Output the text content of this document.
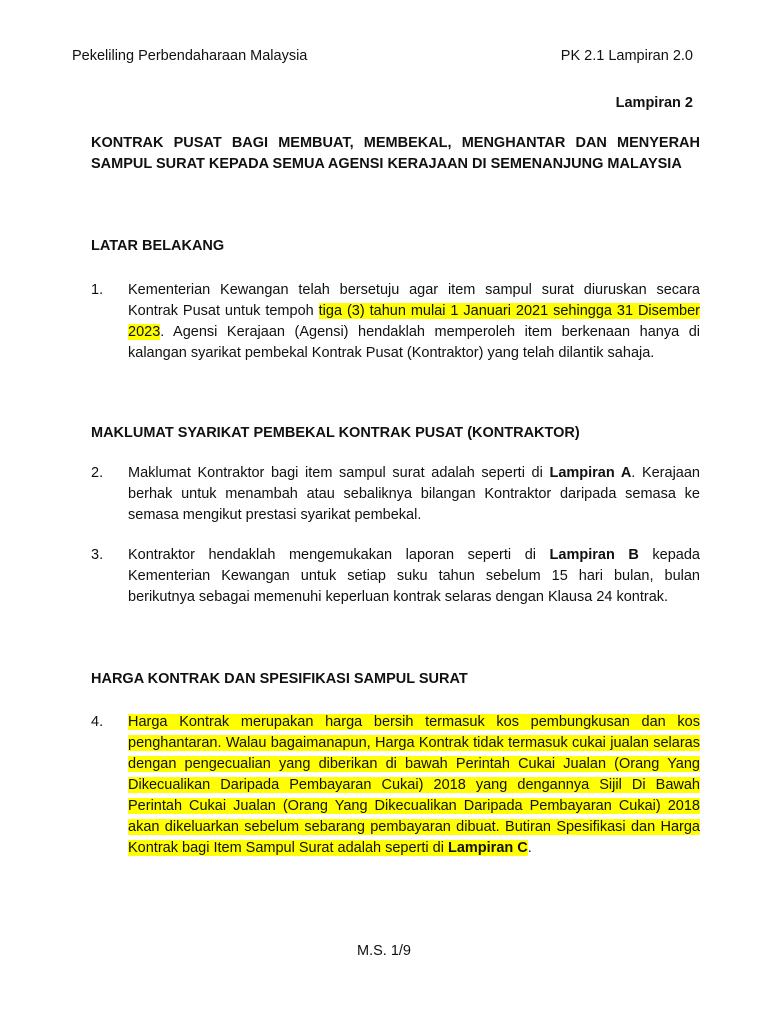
Pekeliling Perbendaharaan Malaysia	PK 2.1 Lampiran 2.0
Lampiran 2
KONTRAK PUSAT BAGI MEMBUAT, MEMBEKAL, MENGHANTAR DAN MENYERAH SAMPUL SURAT KEPADA SEMUA AGENSI KERAJAAN DI SEMENANJUNG MALAYSIA
LATAR BELAKANG
1. Kementerian Kewangan telah bersetuju agar item sampul surat diuruskan secara Kontrak Pusat untuk tempoh tiga (3) tahun mulai 1 Januari 2021 sehingga 31 Disember 2023. Agensi Kerajaan (Agensi) hendaklah memperoleh item berkenaan hanya di kalangan syarikat pembekal Kontrak Pusat (Kontraktor) yang telah dilantik sahaja.
MAKLUMAT SYARIKAT PEMBEKAL KONTRAK PUSAT (KONTRAKTOR)
2. Maklumat Kontraktor bagi item sampul surat adalah seperti di Lampiran A. Kerajaan berhak untuk menambah atau sebaliknya bilangan Kontraktor daripada semasa ke semasa mengikut prestasi syarikat pembekal.
3. Kontraktor hendaklah mengemukakan laporan seperti di Lampiran B kepada Kementerian Kewangan untuk setiap suku tahun sebelum 15 hari bulan, bulan berikutnya sebagai memenuhi keperluan kontrak selaras dengan Klausa 24 kontrak.
HARGA KONTRAK DAN SPESIFIKASI SAMPUL SURAT
4. Harga Kontrak merupakan harga bersih termasuk kos pembungkusan dan kos penghantaran. Walau bagaimanapun, Harga Kontrak tidak termasuk cukai jualan selaras dengan pengecualian yang diberikan di bawah Perintah Cukai Jualan (Orang Yang Dikecualikan Daripada Pembayaran Cukai) 2018 yang dengannya Sijil Di Bawah Perintah Cukai Jualan (Orang Yang Dikecualikan Daripada Pembayaran Cukai) 2018 akan dikeluarkan sebelum sebarang pembayaran dibuat. Butiran Spesifikasi dan Harga Kontrak bagi Item Sampul Surat adalah seperti di Lampiran C.
M.S. 1/9
